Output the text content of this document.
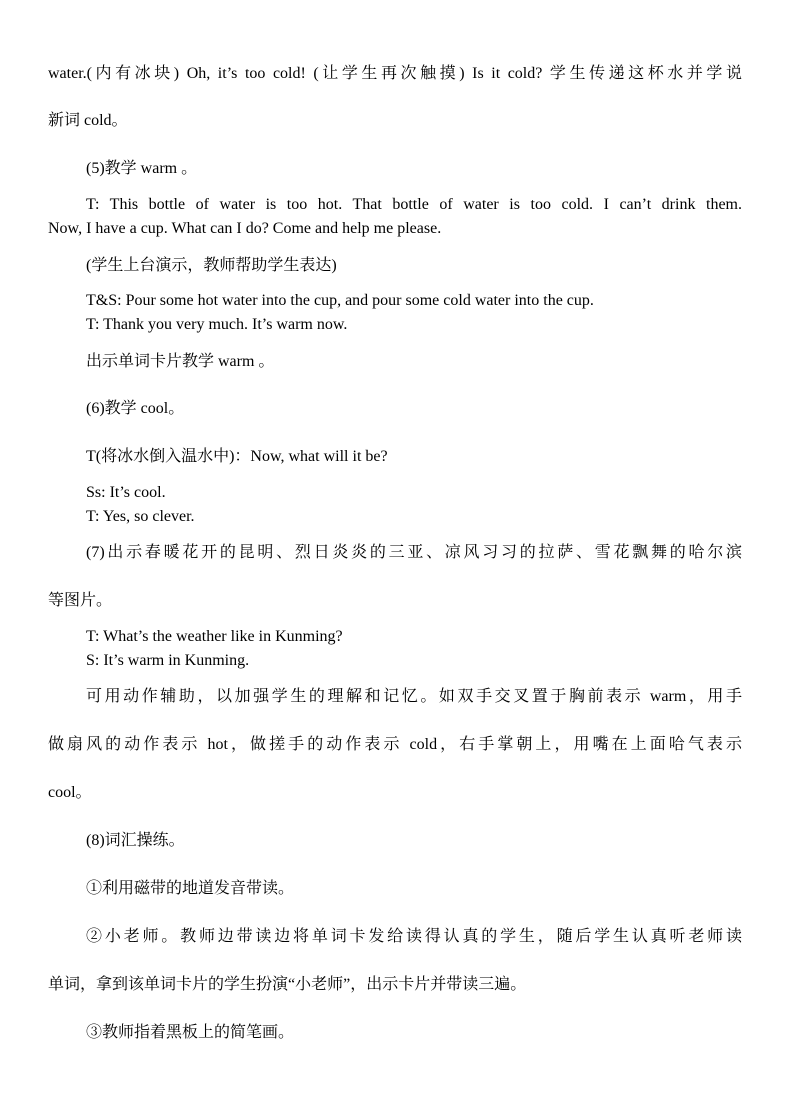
water.(内有冰块) Oh, it’s too cold! (让学生再次触摸) Is it cold? 学生传递这杯水并学说
新词 cold。
(5)教学 warm 。
T: This bottle of water is too hot. That bottle of water is too cold. I can’t drink them.
Now, I have a cup. What can I do? Come and help me please.
(学生上台演示，教师帮助学生表达)
T&S: Pour some hot water into the cup, and pour some cold water into the cup.
T: Thank you very much. It’s warm now.
出示单词卡片教学 warm 。
(6)教学 cool。
T(将冰水倒入温水中)：Now, what will it be?
Ss: It’s cool.
T: Yes, so clever.
(7)出示春暖花开的昆明、烈日炎炎的三亚、凉风习习的拉萨、雪花飘舞的哈尔滨
等图片。
T: What’s the weather like in Kunming?
S: It’s warm in Kunming.
可用动作辅助，以加强学生的理解和记忆。如双手交叉置于胸前表示 warm，用手
做扇风的动作表示 hot，做搓手的动作表示 cold，右手掌朝上，用嘴在上面哈气表示
cool。
(8)词汇操练。
①利用磁带的地道发音带读。
②小老师。教师边带读边将单词卡发给读得认真的学生，随后学生认真听老师读
单词，拿到该单词卡片的学生扮演“小老师”，出示卡片并带读三遍。
③教师指着黑板上的简笔画。
